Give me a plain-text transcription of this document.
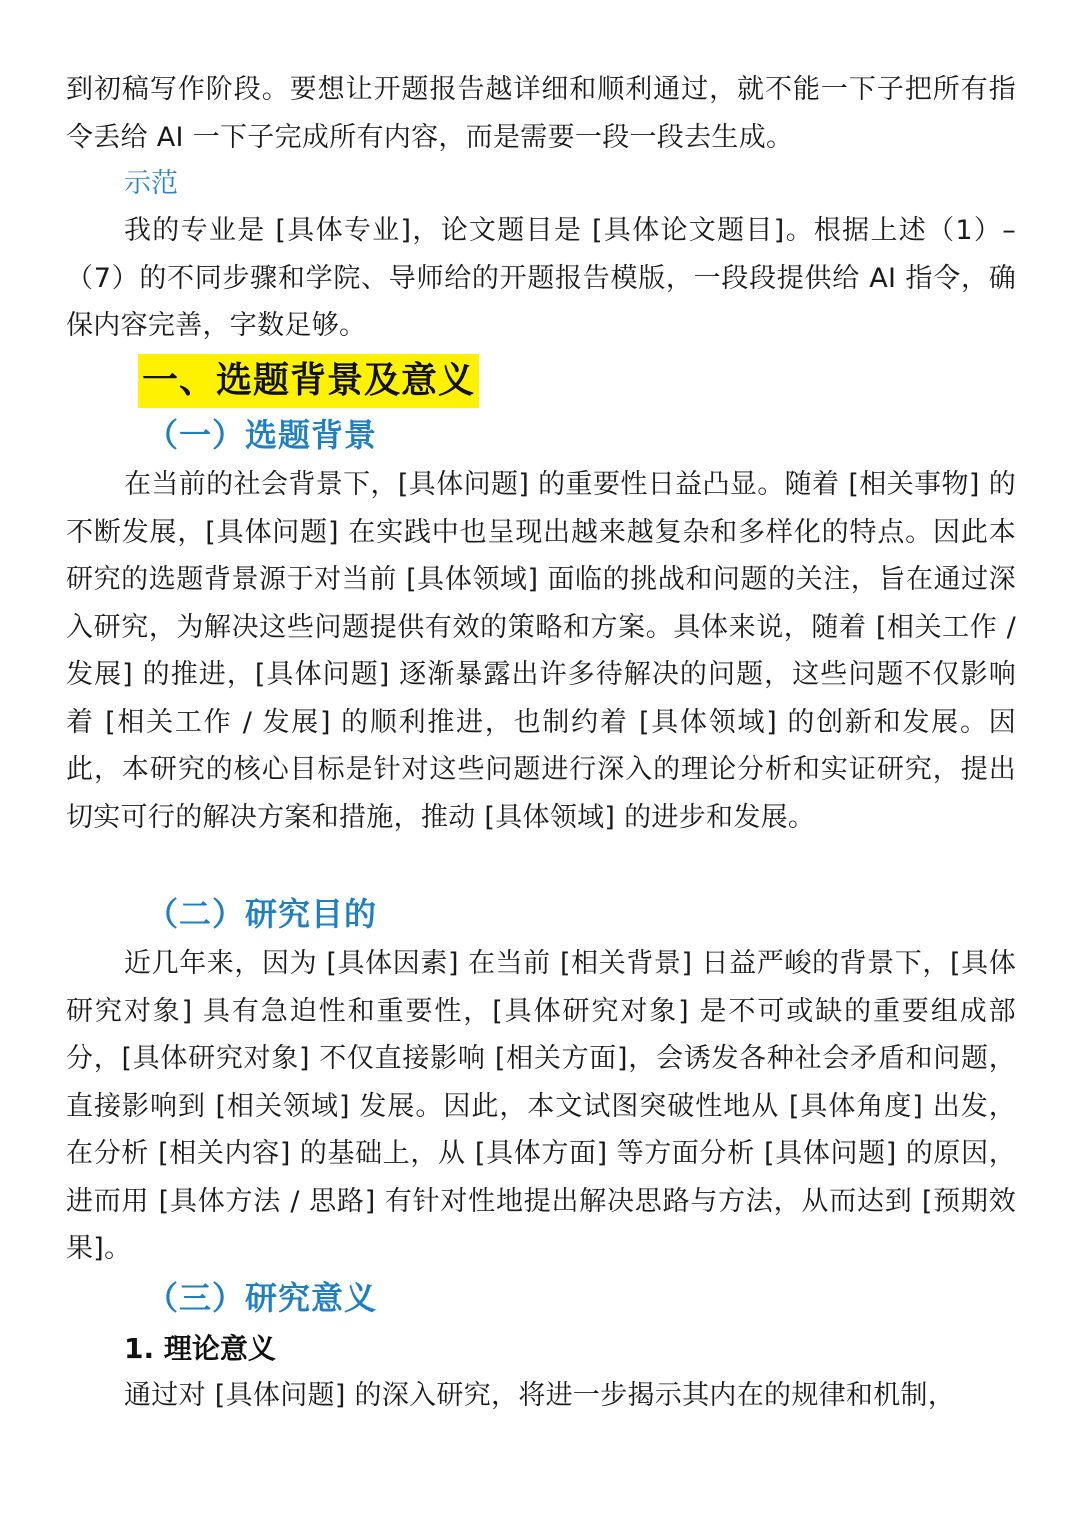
到初稿写作阶段。要想让开题报告越详细和顺利通过，就不能一下子把所有指令丢给 AI 一下子完成所有内容，而是需要一段一段去生成。

示范

我的专业是 [具体专业]，论文题目是 [具体论文题目]。根据上述（1）–（7）的不同步骤和学院、导师给的开题报告模版，一段段提供给 AI 指令，确保内容完善，字数足够。

一、选题背景及意义
（一）选题背景

在当前的社会背景下，[具体问题] 的重要性日益凸显。随着 [相关事物] 的不断发展，[具体问题] 在实践中也呈现出越来越复杂和多样化的特点。因此本研究的选题背景源于对当前 [具体领域] 面临的挑战和问题的关注，旨在通过深入研究，为解决这些问题提供有效的策略和方案。具体来说，随着 [相关工作 / 发展] 的推进，[具体问题] 逐渐暴露出许多待解决的问题，这些问题不仅影响着 [相关工作 / 发展] 的顺利推进，也制约着 [具体领域] 的创新和发展。因此，本研究的核心目标是针对这些问题进行深入的理论分析和实证研究，提出切实可行的解决方案和措施，推动 [具体领域] 的进步和发展。

（二）研究目的

近几年来，因为 [具体因素] 在当前 [相关背景] 日益严峻的背景下，[具体研究对象] 具有急迫性和重要性，[具体研究对象] 是不可或缺的重要组成部分，[具体研究对象] 不仅直接影响 [相关方面]，会诱发各种社会矛盾和问题，直接影响到 [相关领域] 发展。因此，本文试图突破性地从 [具体角度] 出发，在分析 [相关内容] 的基础上，从 [具体方面] 等方面分析 [具体问题] 的原因，进而用 [具体方法 / 思路] 有针对性地提出解决思路与方法，从而达到 [预期效果]。

（三）研究意义
1. 理论意义

通过对 [具体问题] 的深入研究，将进一步揭示其内在的规律和机制，
